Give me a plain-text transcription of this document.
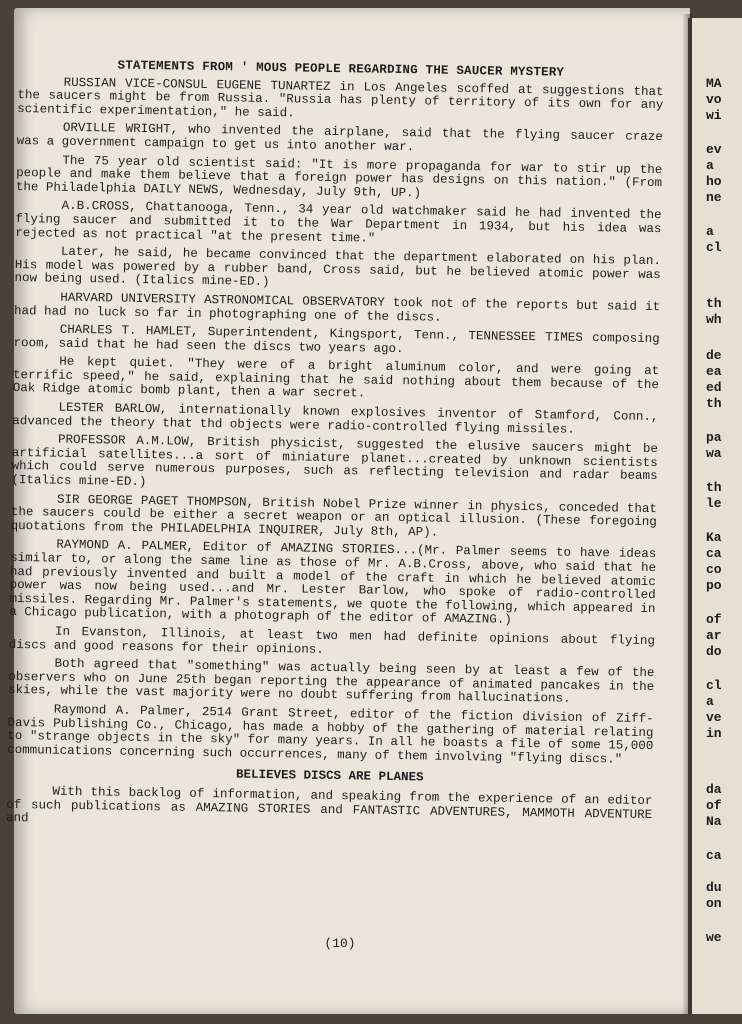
STATEMENTS FROM ' MOUS PEOPLE REGARDING THE SAUCER MYSTERY
RUSSIAN VICE-CONSUL EUGENE TUNARTEZ in Los Angeles scoffed at suggestions that the saucers might be from Russia. "Russia has plenty of territory of its own for any scientific experimentation," he said.
ORVILLE WRIGHT, who invented the airplane, said that the flying saucer craze was a government campaign to get us into another war.
The 75 year old scientist said: "It is more propaganda for war to stir up the people and make them believe that a foreign power has designs on this nation." (From the Philadelphia DAILY NEWS, Wednesday, July 9th, UP.)
A.B.CROSS, Chattanooga, Tenn., 34 year old watchmaker said he had invented the flying saucer and submitted it to the War Department in 1934, but his idea was rejected as not practical "at the present time."
Later, he said, he became convinced that the department elaborated on his plan. His model was powered by a rubber band, Cross said, but he believed atomic power was now being used. (Italics mine-ED.)
HARVARD UNIVERSITY ASTRONOMICAL OBSERVATORY took not of the reports but said it had had no luck so far in photographing one of the discs.
CHARLES T. HAMLET, Superintendent, Kingsport, Tenn., TENNESSEE TIMES composing room, said that he had seen the discs two years ago.
He kept quiet. "They were of a bright aluminum color, and were going at terrific speed," he said, explaining that he said nothing about them because of the Oak Ridge atomic bomb plant, then a war secret.
LESTER BARLOW, internationally known explosives inventor of Stamford, Conn., advanced the theory that thd objects were radio-controlled flying missiles.
PROFESSOR A.M.LOW, British physicist, suggested the elusive saucers might be artificial satellites...a sort of miniature planet...created by unknown scientists which could serve numerous purposes, such as reflecting television and radar beams (Italics mine-ED.)
SIR GEORGE PAGET THOMPSON, British Nobel Prize winner in physics, conceded that the saucers could be either a secret weapon or an optical illusion. (These foregoing quotations from the PHILADELPHIA INQUIRER, July 8th, AP).
RAYMOND A. PALMER, Editor of AMAZING STORIES...(Mr. Palmer seems to have ideas similar to, or along the same line as those of Mr. A.B.Cross, above, who said that he had previously invented and built a model of the craft in which he believed atomic power was now being used...and Mr. Lester Barlow, who spoke of radio-controlled missiles. Regarding Mr. Palmer's statements, we quote the following, which appeared in a Chicago publication, with a photograph of the editor of AMAZING.)
In Evanston, Illinois, at least two men had definite opinions about flying discs and good reasons for their opinions.
Both agreed that "something" was actually being seen by at least a few of the observers who on June 25th began reporting the appearance of animated pancakes in the skies, while the vast majority were no doubt suffering from hallucinations.
Raymond A. Palmer, 2514 Grant Street, editor of the fiction division of Ziff-Davis Publishing Co., Chicago, has made a hobby of the gathering of material relating to "strange objects in the sky" for many years. In all he boasts a file of some 15,000 communications concerning such occurrences, many of them involving "flying discs."
BELIEVES DISCS ARE PLANES
With this backlog of information, and speaking from the experience of an editor of such publications as AMAZING STORIES and FANTASTIC ADVENTURES, MAMMOTH ADVENTURE and
(10)
MA
vo
wi
ev
a
ho
ne
a
cl
th
wh
de
ea
ed
th
pa
wa
th
le
Ka
ca
co
po
of
ar
do
cl
a
ve
in
da
of
Na
ca
du
on
we
